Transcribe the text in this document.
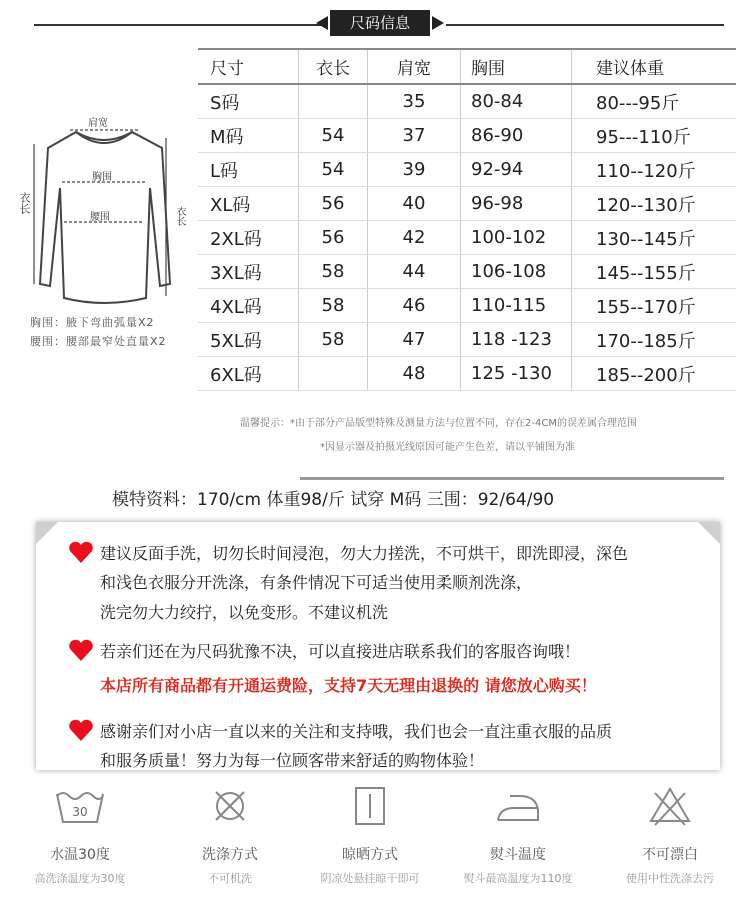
尺码信息
肩宽
胸围
腰围
衣长
衣长
胸围：腋下弯曲弧量X2
腰围：腰部最窄处直量X2
尺寸	衣长	肩宽	胸围	建议体重
S码		35	80-84	80---95斤
M码	54	37	86-90	95---110斤
L码	54	39	92-94	110--120斤
XL码	56	40	96-98	120--130斤
2XL码	56	42	100-102	130--145斤
3XL码	58	44	106-108	145--155斤
4XL码	58	46	110-115	155--170斤
5XL码	58	47	118 -123	170--185斤
6XL码		48	125 -130	185--200斤
温馨提示：*由于部分产品版型特殊及测量方法与位置不同，存在2-4CM的误差属合理范围
*因显示器及拍摄光线原因可能产生色差，请以平铺图为准
模特资料：170/cm 体重98/斤 试穿 M码 三围：92/64/90
建议反面手洗，切勿长时间浸泡，勿大力搓洗，不可烘干，即洗即浸，深色
和浅色衣服分开洗涤，有条件情况下可适当使用柔顺剂洗涤，
洗完勿大力绞拧，以免变形。不建议机洗
若亲们还在为尺码犹豫不决，可以直接进店联系我们的客服咨询哦！
本店所有商品都有开通运费险，支持7天无理由退换的 请您放心购买！
感谢亲们对小店一直以来的关注和支持哦，我们也会一直注重衣服的品质
和服务质量！努力为每一位顾客带来舒适的购物体验！
30
水温30度
高洗涤温度为30度
洗涤方式
不可机洗
晾晒方式
阴凉处悬挂晾干即可
熨斗温度
熨斗最高温度为110度
不可漂白
使用中性洗涤去污
